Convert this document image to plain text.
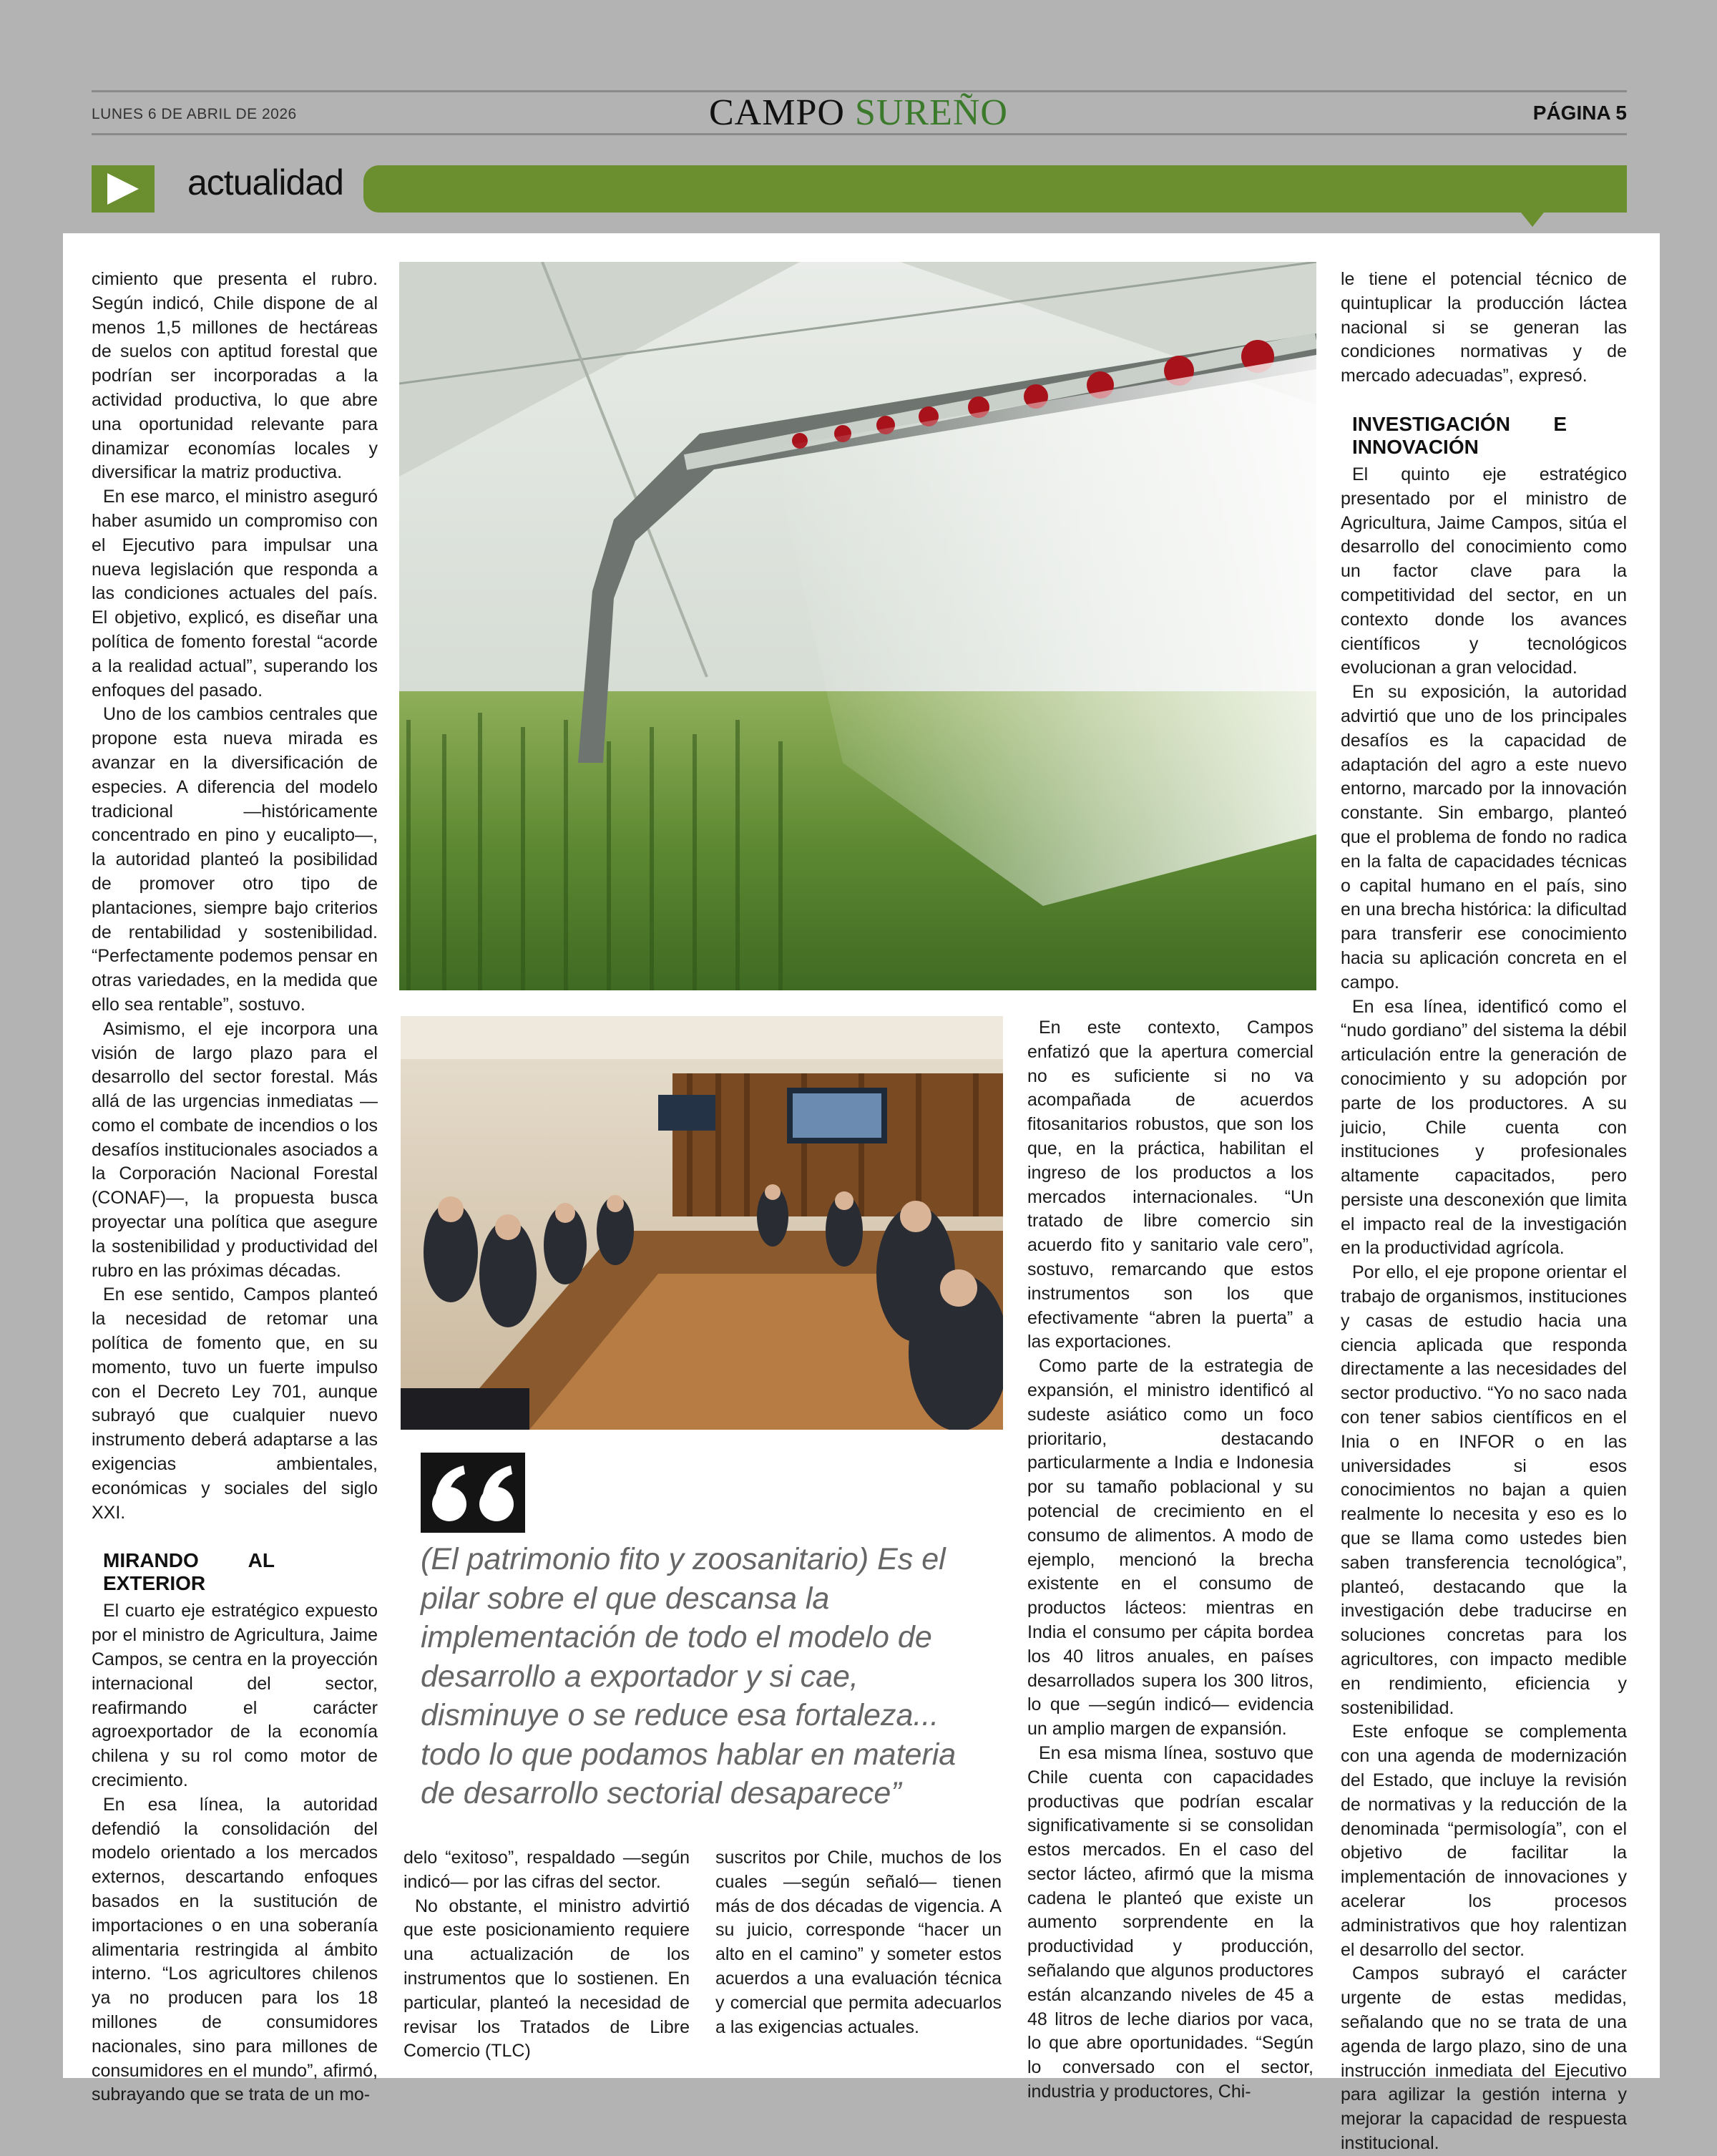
LUNES 6 DE ABRIL DE 2026	CAMPO SUREÑO	PÁGINA 5
actualidad

cimiento que presenta el rubro. Según indicó, Chile dispone de al menos 1,5 millones de hectáreas de suelos con aptitud forestal que podrían ser incorporadas a la actividad productiva, lo que abre una oportunidad relevante para dinamizar economías locales y diversificar la matriz productiva.

En ese marco, el ministro aseguró haber asumido un compromiso con el Ejecutivo para impulsar una nueva legislación que responda a las condiciones actuales del país. El objetivo, explicó, es diseñar una política de fomento forestal “acorde a la realidad actual”, superando los enfoques del pasado.

Uno de los cambios centrales que propone esta nueva mirada es avanzar en la diversificación de especies. A diferencia del modelo tradicional —históricamente concentrado en pino y eucalipto—, la autoridad planteó la posibilidad de promover otro tipo de plantaciones, siempre bajo criterios de rentabilidad y sostenibilidad. “Perfectamente podemos pensar en otras variedades, en la medida que ello sea rentable”, sostuvo.

Asimismo, el eje incorpora una visión de largo plazo para el desarrollo del sector forestal. Más allá de las urgencias inmediatas —como el combate de incendios o los desafíos institucionales asociados a la Corporación Nacional Forestal (CONAF)—, la propuesta busca proyectar una política que asegure la sostenibilidad y productividad del rubro en las próximas décadas.

En ese sentido, Campos planteó la necesidad de retomar una política de fomento que, en su momento, tuvo un fuerte impulso con el Decreto Ley 701, aunque subrayó que cualquier nuevo instrumento deberá adaptarse a las exigencias ambientales, económicas y sociales del siglo XXI.

MIRANDO AL EXTERIOR

El cuarto eje estratégico expuesto por el ministro de Agricultura, Jaime Campos, se centra en la proyección internacional del sector, reafirmando el carácter agroexportador de la economía chilena y su rol como motor de crecimiento.

En esa línea, la autoridad defendió la consolidación del modelo orientado a los mercados externos, descartando enfoques basados en la sustitución de importaciones o en una soberanía alimentaria restringida al ámbito interno. “Los agricultores chilenos ya no producen para los 18 millones de consumidores nacionales, sino para millones de consumidores en el mundo”, afirmó, subrayando que se trata de un mo-

(El patrimonio fito y zoosanitario) Es el pilar sobre el que descansa la implementación de todo el modelo de desarrollo a exportador y si cae, disminuye o se reduce esa fortaleza... todo lo que podamos hablar en materia de desarrollo sectorial desaparece”

delo “exitoso”, respaldado —según indicó— por las cifras del sector.

No obstante, el ministro advirtió que este posicionamiento requiere una actualización de los instrumentos que lo sostienen. En particular, planteó la necesidad de revisar los Tratados de Libre Comercio (TLC)

suscritos por Chile, muchos de los cuales —según señaló— tienen más de dos décadas de vigencia. A su juicio, corresponde “hacer un alto en el camino” y someter estos acuerdos a una evaluación técnica y comercial que permita adecuarlos a las exigencias actuales.

En este contexto, Campos enfatizó que la apertura comercial no es suficiente si no va acompañada de acuerdos fitosanitarios robustos, que son los que, en la práctica, habilitan el ingreso de los productos a los mercados internacionales. “Un tratado de libre comercio sin acuerdo fito y sanitario vale cero”, sostuvo, remarcando que estos instrumentos son los que efectivamente “abren la puerta” a las exportaciones.

Como parte de la estrategia de expansión, el ministro identificó al sudeste asiático como un foco prioritario, destacando particularmente a India e Indonesia por su tamaño poblacional y su potencial de crecimiento en el consumo de alimentos. A modo de ejemplo, mencionó la brecha existente en el consumo de productos lácteos: mientras en India el consumo per cápita bordea los 40 litros anuales, en países desarrollados supera los 300 litros, lo que —según indicó— evidencia un amplio margen de expansión.

En esa misma línea, sostuvo que Chile cuenta con capacidades productivas que podrían escalar significativamente si se consolidan estos mercados. En el caso del sector lácteo, afirmó que la misma cadena le planteó que existe un aumento sorprendente en la productividad y producción, señalando que algunos productores están alcanzando niveles de 45 a 48 litros de leche diarios por vaca, lo que abre oportunidades. “Según lo conversado con el sector, industria y productores, Chi-

le tiene el potencial técnico de quintuplicar la producción láctea nacional si se generan las condiciones normativas y de mercado adecuadas”, expresó.

INVESTIGACIÓN E INNOVACIÓN

El quinto eje estratégico presentado por el ministro de Agricultura, Jaime Campos, sitúa el desarrollo del conocimiento como un factor clave para la competitividad del sector, en un contexto donde los avances científicos y tecnológicos evolucionan a gran velocidad.

En su exposición, la autoridad advirtió que uno de los principales desafíos es la capacidad de adaptación del agro a este nuevo entorno, marcado por la innovación constante. Sin embargo, planteó que el problema de fondo no radica en la falta de capacidades técnicas o capital humano en el país, sino en una brecha histórica: la dificultad para transferir ese conocimiento hacia su aplicación concreta en el campo.

En esa línea, identificó como el “nudo gordiano” del sistema la débil articulación entre la generación de conocimiento y su adopción por parte de los productores. A su juicio, Chile cuenta con instituciones y profesionales altamente capacitados, pero persiste una desconexión que limita el impacto real de la investigación en la productividad agrícola.

Por ello, el eje propone orientar el trabajo de organismos, instituciones y casas de estudio hacia una ciencia aplicada que responda directamente a las necesidades del sector productivo. “Yo no saco nada con tener sabios científicos en el Inia o en INFOR o en las universidades si esos conocimientos no bajan a quien realmente lo necesita y eso es lo que se llama como ustedes bien saben transferencia tecnológica”, planteó, destacando que la investigación debe traducirse en soluciones concretas para los agricultores, con impacto medible en rendimiento, eficiencia y sostenibilidad.

Este enfoque se complementa con una agenda de modernización del Estado, que incluye la revisión de normativas y la reducción de la denominada “permisología”, con el objetivo de facilitar la implementación de innovaciones y acelerar los procesos administrativos que hoy ralentizan el desarrollo del sector.

Campos subrayó el carácter urgente de estas medidas, señalando que no se trata de una agenda de largo plazo, sino de una instrucción inmediata del Ejecutivo para agilizar la gestión interna y mejorar la capacidad de respuesta institucional.
